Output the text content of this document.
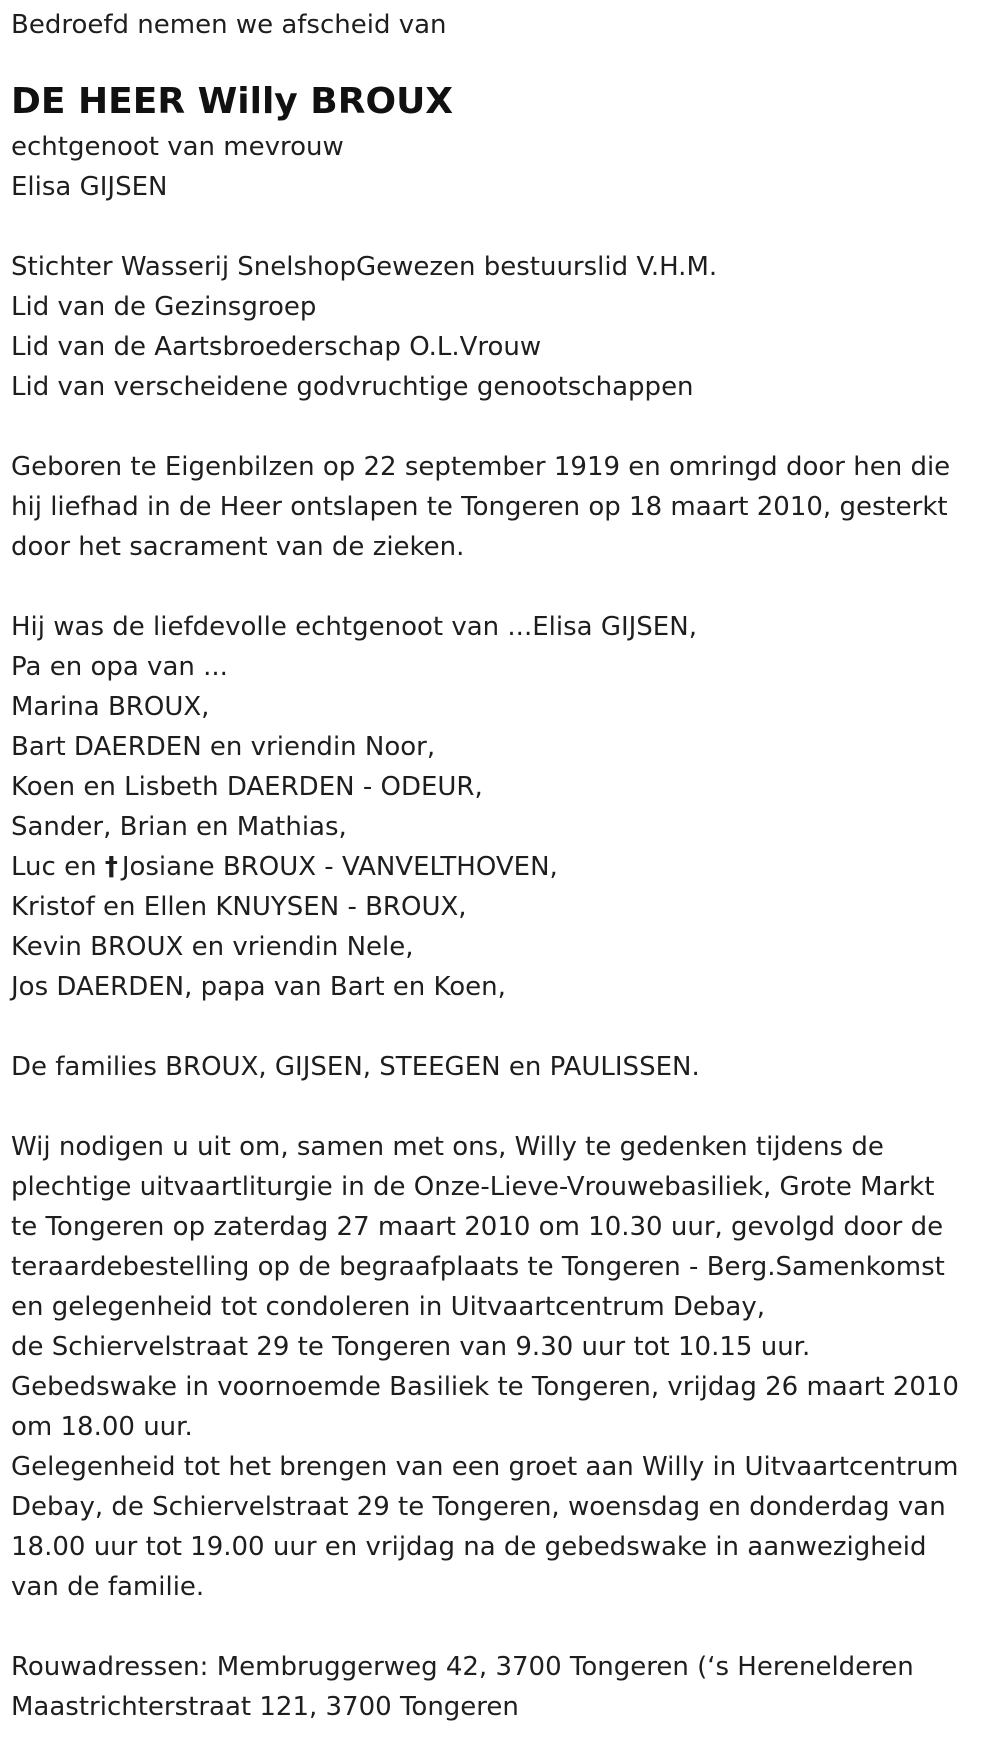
Bedroefd nemen we afscheid van
DE HEER Willy BROUX
echtgenoot van mevrouw
Elisa GIJSEN
Stichter Wasserij SnelshopGewezen bestuurslid V.H.M.
Lid van de Gezinsgroep
Lid van de Aartsbroederschap O.L.Vrouw
Lid van verscheidene godvruchtige genootschappen
Geboren te Eigenbilzen op 22 september 1919 en omringd door hen die
hij liefhad in de Heer ontslapen te Tongeren op 18 maart 2010, gesterkt
door het sacrament van de zieken.
Hij was de liefdevolle echtgenoot van ...Elisa GIJSEN,
Pa en opa van ...
Marina BROUX,
Bart DAERDEN en vriendin Noor,
Koen en Lisbeth DAERDEN - ODEUR,
Sander, Brian en Mathias,
Luc en † Josiane BROUX - VANVELTHOVEN,
Kristof en Ellen KNUYSEN - BROUX,
Kevin BROUX en vriendin Nele,
Jos DAERDEN, papa van Bart en Koen,
De families BROUX, GIJSEN, STEEGEN en PAULISSEN.
Wij nodigen u uit om, samen met ons, Willy te gedenken tijdens de
plechtige uitvaartliturgie in de Onze-Lieve-Vrouwebasiliek, Grote Markt
te Tongeren op zaterdag 27 maart 2010 om 10.30 uur, gevolgd door de
teraardebestelling op de begraafplaats te Tongeren - Berg.Samenkomst
en gelegenheid tot condoleren in Uitvaartcentrum Debay,
de Schiervelstraat 29 te Tongeren van 9.30 uur tot 10.15 uur.
Gebedswake in voornoemde Basiliek te Tongeren, vrijdag 26 maart 2010
om 18.00 uur.
Gelegenheid tot het brengen van een groet aan Willy in Uitvaartcentrum
Debay, de Schiervelstraat 29 te Tongeren, woensdag en donderdag van
18.00 uur tot 19.00 uur en vrijdag na de gebedswake in aanwezigheid
van de familie.
Rouwadressen: Membruggerweg 42, 3700 Tongeren (‘s Herenelderen
Maastrichterstraat 121, 3700 Tongeren
